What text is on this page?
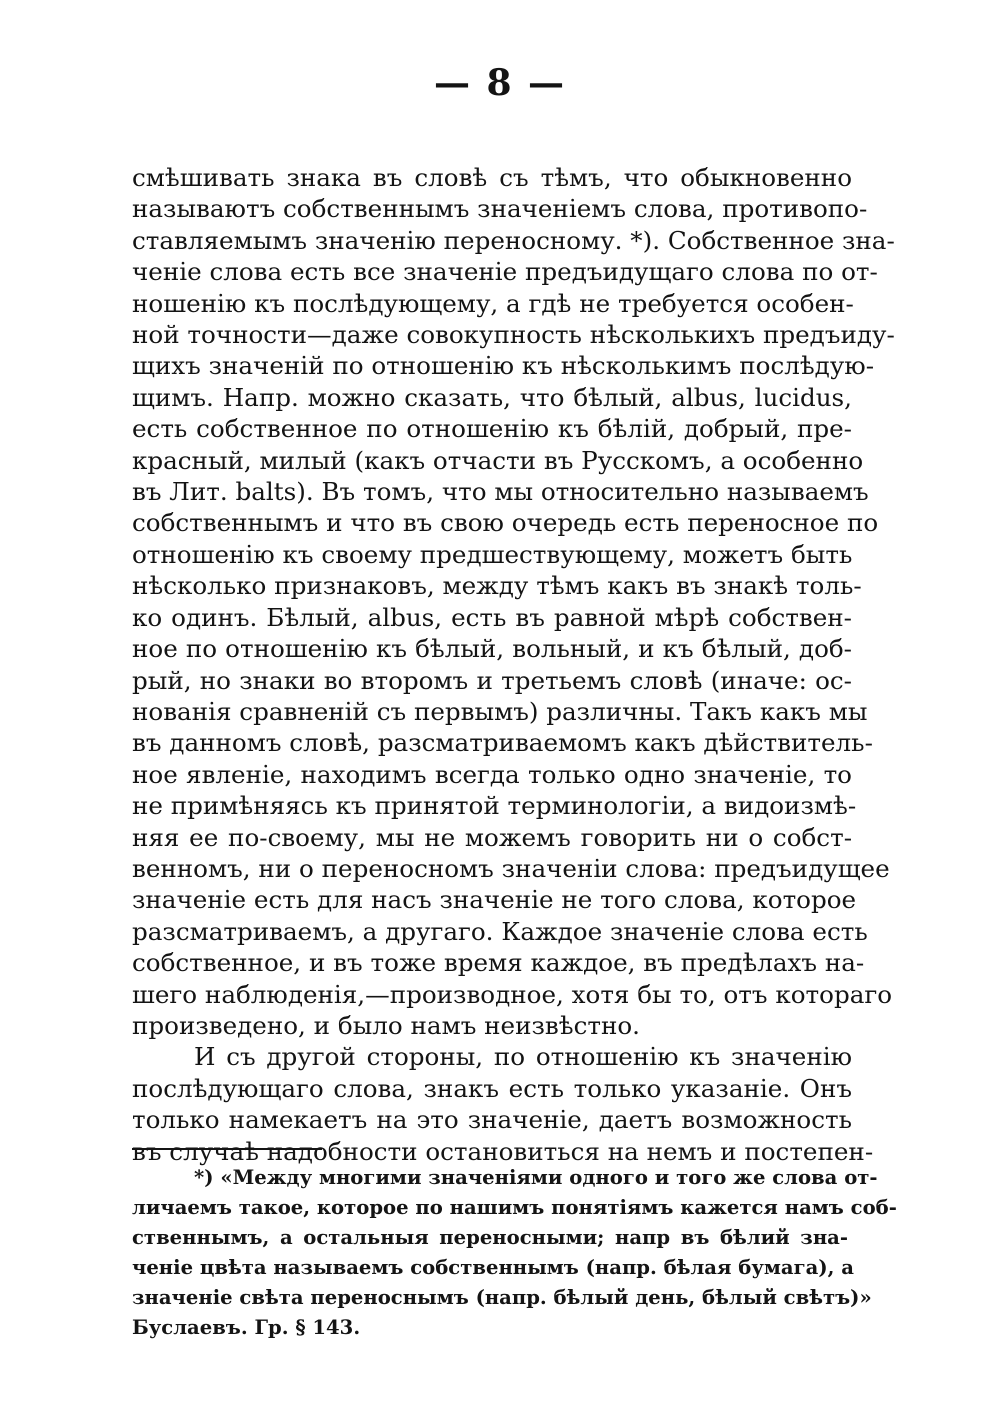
— 8 —
смѣшивать знака въ словѣ съ тѣмъ, что обыкновенно
называютъ собственнымъ значеніемъ слова, противопо-
ставляемымъ значенію переносному. *). Собственное зна-
ченіе слова есть все значеніе предъидущаго слова по от-
ношенію къ послѣдующему, а гдѣ не требуется особен-
ной точности—даже совокупность нѣсколькихъ предъиду-
щихъ значеній по отношенію къ нѣсколькимъ послѣдую-
щимъ. Напр. можно сказать, что бѣлый, albus, lucidus,
есть собственное по отношенію къ бѣлій, добрый, пре-
красный, милый (какъ отчасти въ Русскомъ, а особенно
въ Лит. balts). Въ томъ, что мы относительно называемъ
собственнымъ и что въ свою очередь есть переносное по
отношенію къ своему предшествующему, можетъ быть
нѣсколько признаковъ, между тѣмъ какъ въ знакѣ толь-
ко одинъ. Бѣлый, albus, есть въ равной мѣрѣ собствен-
ное по отношенію къ бѣлый, вольный, и къ бѣлый, доб-
рый, но знаки во второмъ и третьемъ словѣ (иначе: ос-
нованія сравненій съ первымъ) различны. Такъ какъ мы
въ данномъ словѣ, разсматриваемомъ какъ дѣйствитель-
ное явленіе, находимъ всегда только одно значеніе, то
не примѣняясь къ принятой терминологіи, а видоизмѣ-
няя ее по-своему, мы не можемъ говорить ни о собст-
венномъ, ни о переносномъ значеніи слова: предъидущее
значеніе есть для насъ значеніе не того слова, которое
разсматриваемъ, а другаго. Каждое значеніе слова есть
собственное, и въ тоже время каждое, въ предѣлахъ на-
шего наблюденія,—производное, хотя бы то, отъ котораго
произведено, и было намъ неизвѣстно.
И съ другой стороны, по отношенію къ значенію
послѣдующаго слова, знакъ есть только указаніе. Онъ
только намекаетъ на это значеніе, даетъ возможность
въ случаѣ надобности остановиться на немъ и постепен-
*) «Между многими значеніями одного и того же слова от-
личаемъ такое, которое по нашимъ понятіямъ кажется намъ соб-
ственнымъ, а остальныя переносными; напр въ бѣлий зна-
ченіе цвѣта называемъ собственнымъ (напр. бѣлая бумага), а
значеніе свѣта переноснымъ (напр. бѣлый день, бѣлый свѣтъ)»
Буслаевъ. Гр. § 143.
